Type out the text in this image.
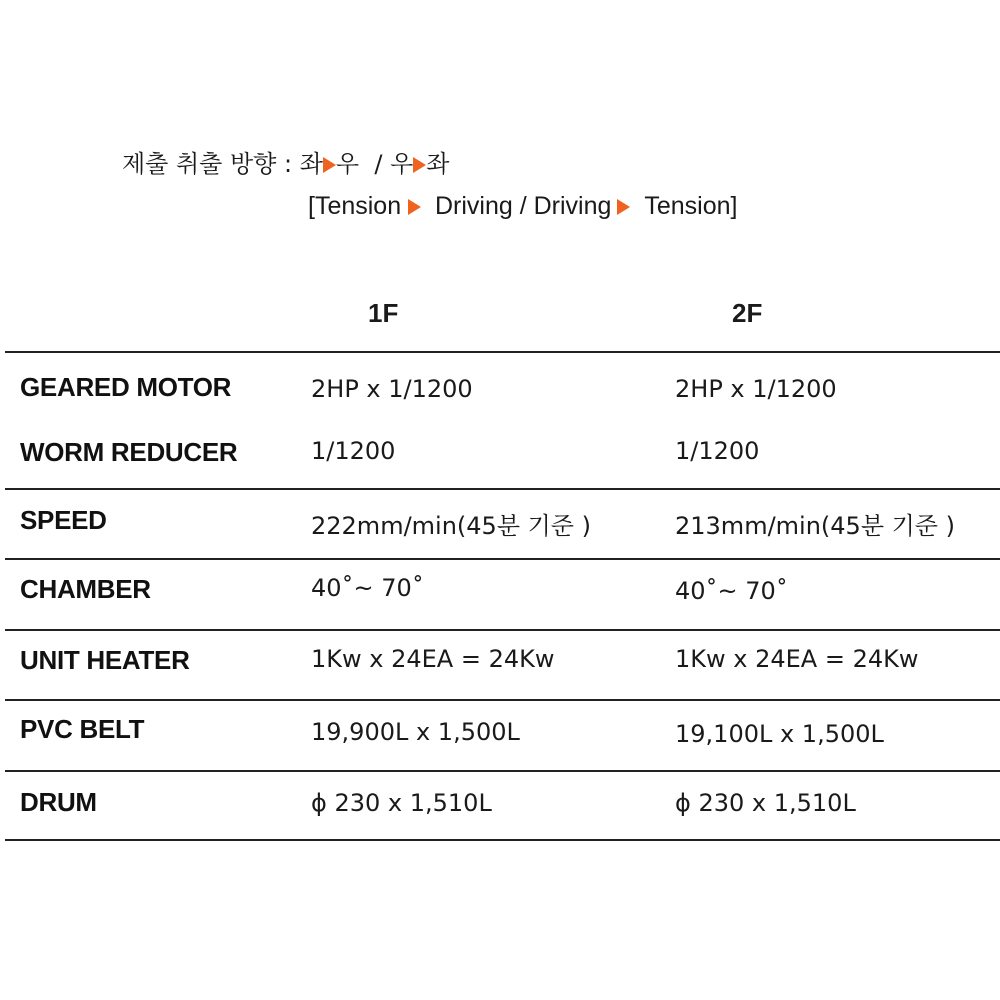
제출 취출 방향 : 좌 우 / 우 좌
[Tension Driving / Driving Tension]
1F	2F
GEARED MOTOR	2HP x 1/1200	2HP x 1/1200
WORM REDUCER	1/1200	1/1200
SPEED	222mm/min(45분 기준 )	213mm/min(45분 기준 )
CHAMBER	40˚~ 70˚	40˚~ 70˚
UNIT HEATER	1Kw x 24EA = 24Kw	1Kw x 24EA = 24Kw
PVC BELT	19,900L x 1,500L	19,100L x 1,500L
DRUM	ϕ 230 x 1,510L	ϕ 230 x 1,510L
